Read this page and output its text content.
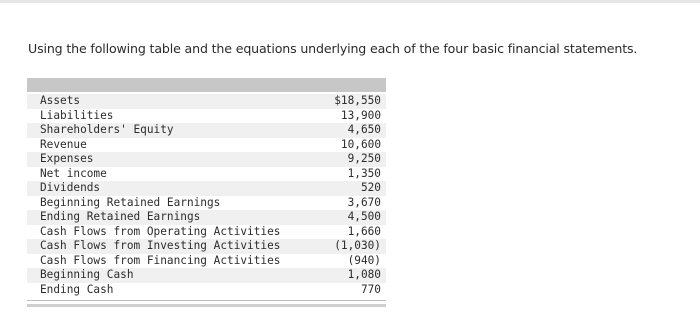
Using the following table and the equations underlying each of the four basic financial statements.
Assets	$18,550
Liabilities	13,900
Shareholders' Equity	4,650
Revenue	10,600
Expenses	9,250
Net income	1,350
Dividends	520
Beginning Retained Earnings	3,670
Ending Retained Earnings	4,500
Cash Flows from Operating Activities	1,660
Cash Flows from Investing Activities	(1,030)
Cash Flows from Financing Activities	(940)
Beginning Cash	1,080
Ending Cash	770
